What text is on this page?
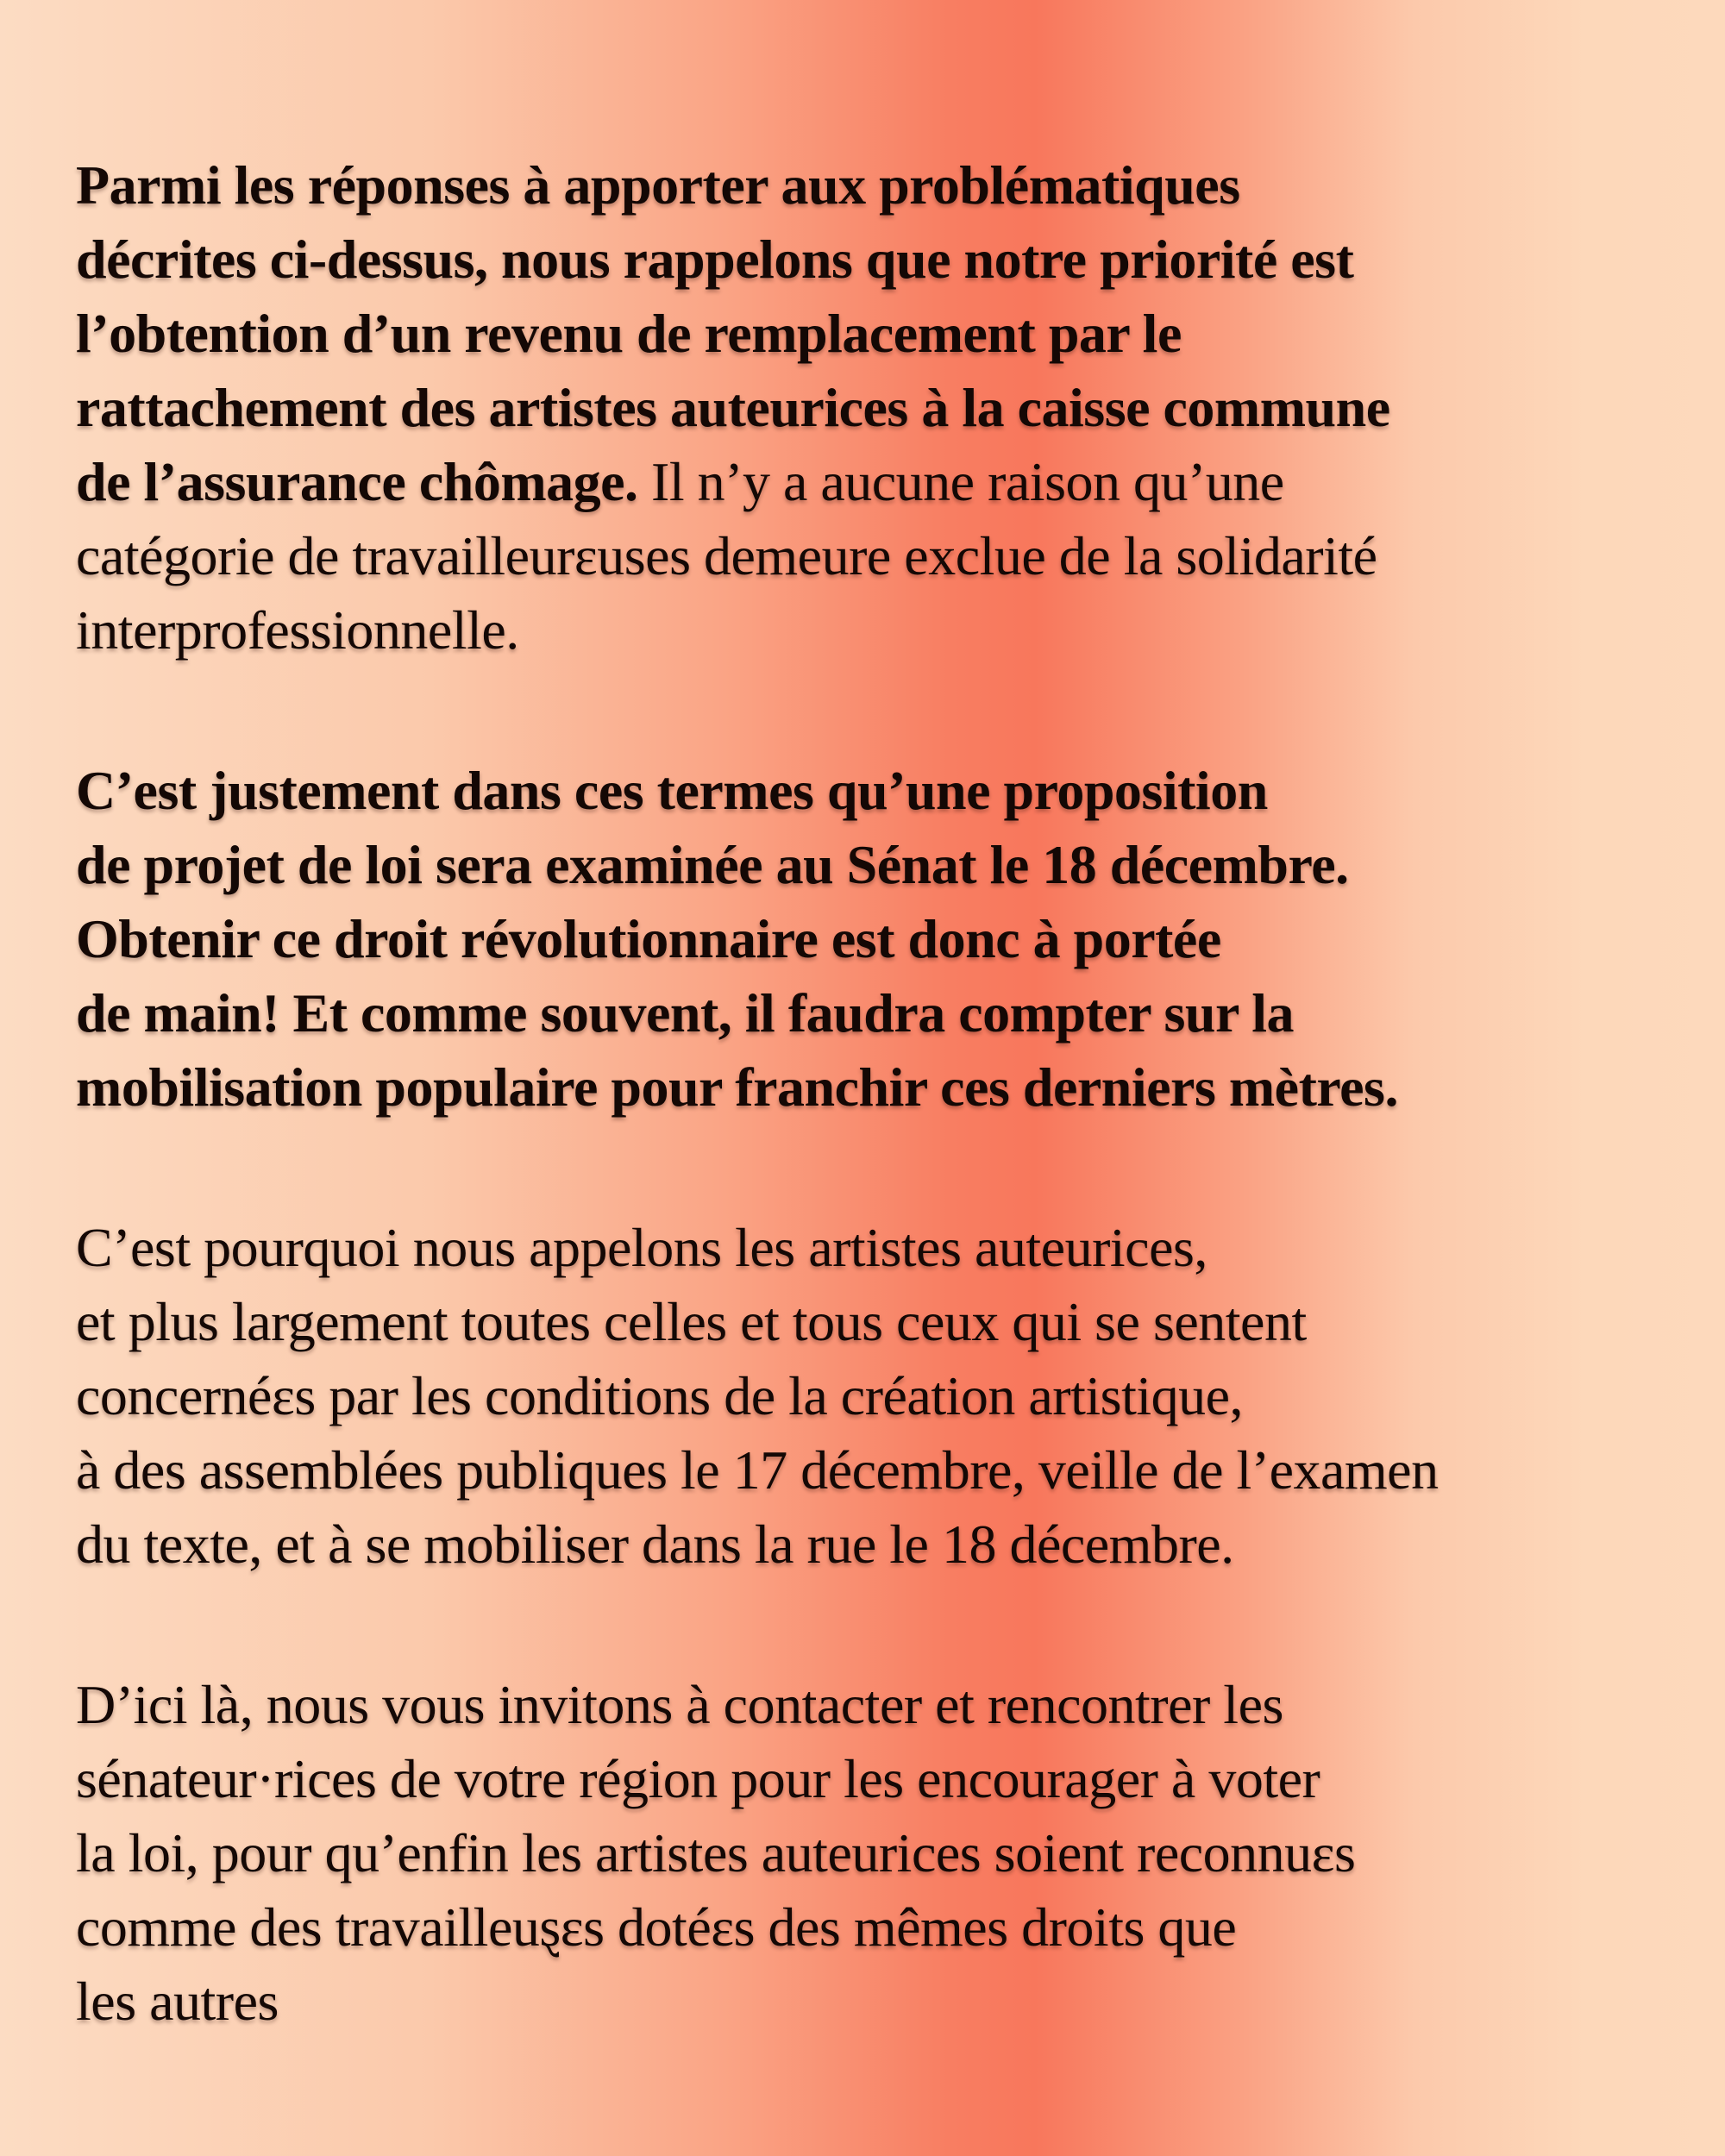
Parmi les réponses à apporter aux problématiques
décrites ci-dessus, nous rappelons que notre priorité est
l’obtention d’un revenu de remplacement par le
rattachement des artistes auteurices à la caisse commune
de l’assurance chômage. Il n’y a aucune raison qu’une
catégorie de travailleurεuses demeure exclue de la solidarité
interprofessionnelle.

C’est justement dans ces termes qu’une proposition
de projet de loi sera examinée au Sénat le 18 décembre.
Obtenir ce droit révolutionnaire est donc à portée
de main! Et comme souvent, il faudra compter sur la
mobilisation populaire pour franchir ces derniers mètres.

C’est pourquoi nous appelons les artistes auteurices,
et plus largement toutes celles et tous ceux qui se sentent
concernéεs par les conditions de la création artistique,
à des assemblées publiques le 17 décembre, veille de l’examen
du texte, et à se mobiliser dans la rue le 18 décembre.

D’ici là, nous vous invitons à contacter et rencontrer les
sénateur·rices de votre région pour les encourager à voter
la loi, pour qu’enfin les artistes auteurices soient reconnuεs
comme des travailleuȿεs dotéεs des mêmes droits que
les autres
